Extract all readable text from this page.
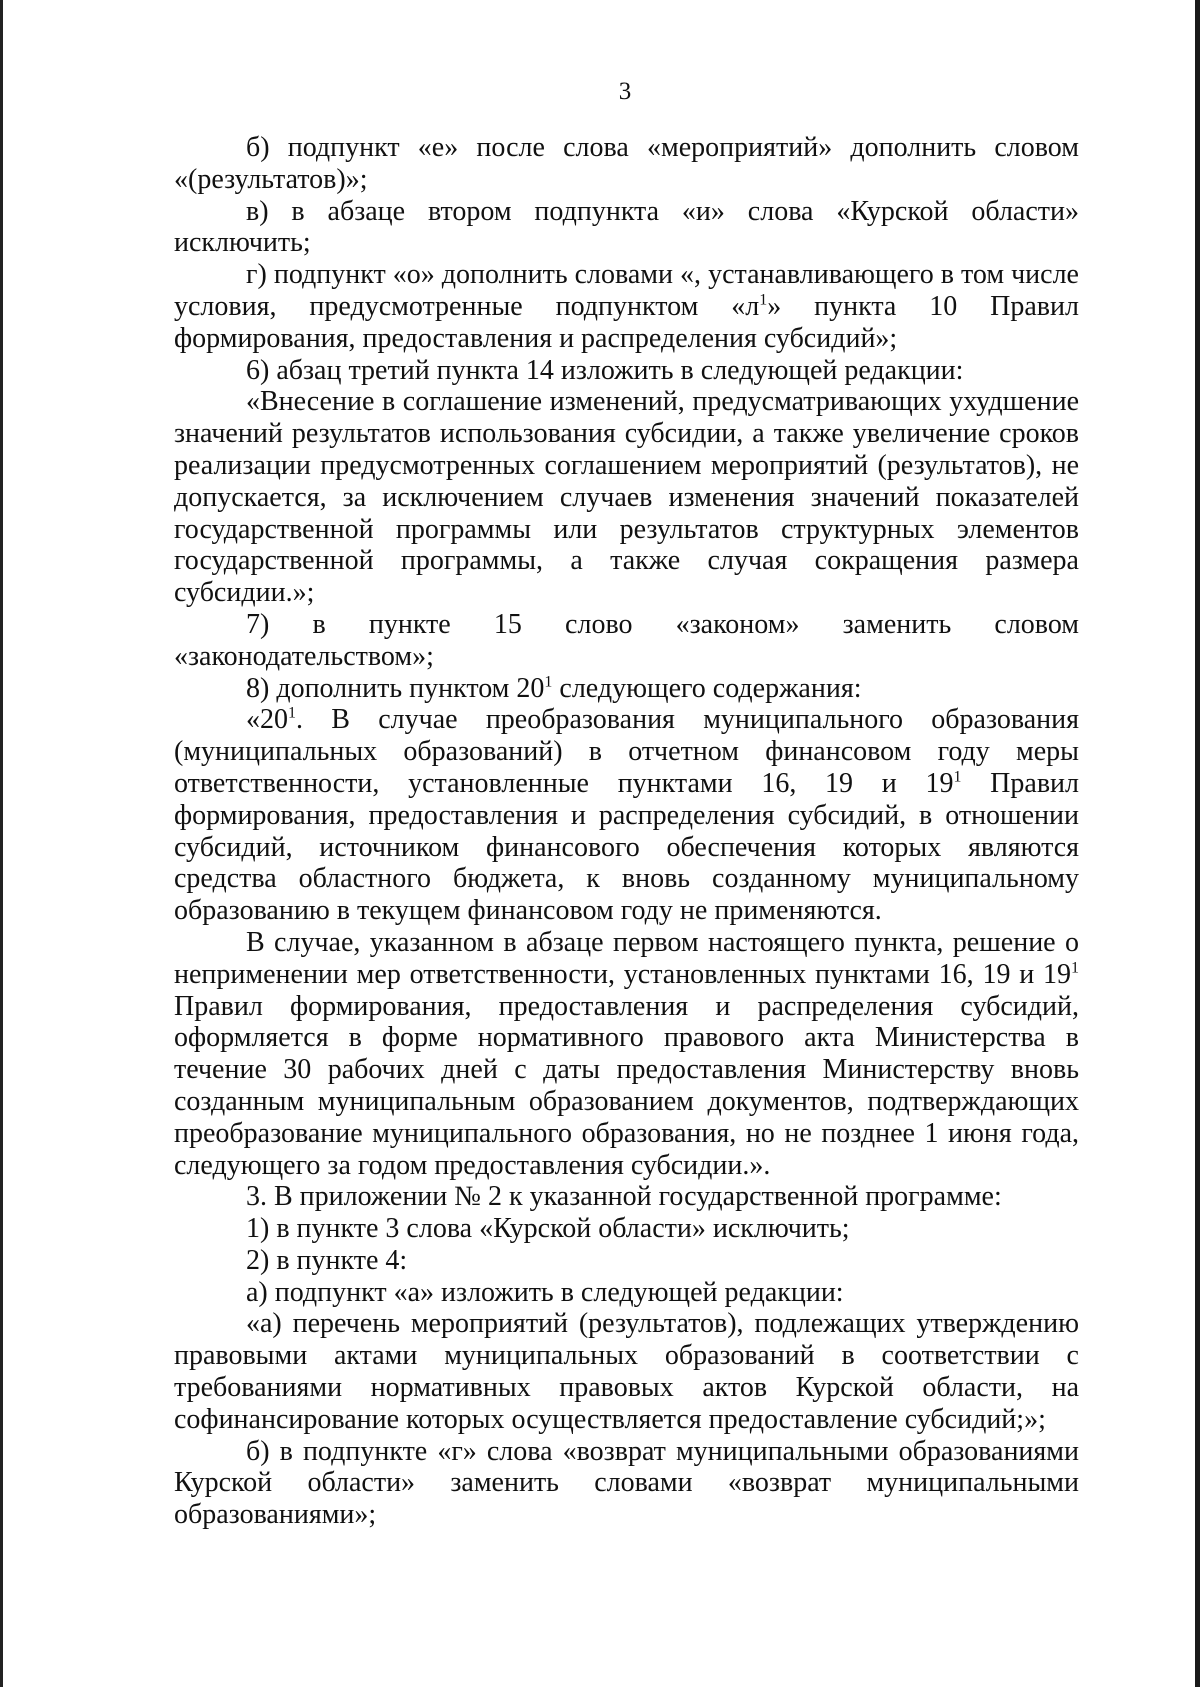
3

б) подпункт «е» после слова «мероприятий» дополнить словом «(результатов)»;

в) в абзаце втором подпункта «и» слова «Курской области» исключить;

г) подпункт «о» дополнить словами «, устанавливающего в том числе условия, предусмотренные подпунктом «$л^1$» пункта 10 Правил формирования, предоставления и распределения субсидий»;

6) абзац третий пункта 14 изложить в следующей редакции:

«Внесение в соглашение изменений, предусматривающих ухудшение значений результатов использования субсидии, а также увеличение сроков реализации предусмотренных соглашением мероприятий (результатов), не допускается, за исключением случаев изменения значений показателей государственной программы или результатов структурных элементов государственной программы, а также случая сокращения размера субсидии.»;

7) в пункте 15 слово «законом» заменить словом «законодательством»;

8) дополнить пунктом $20^1$ следующего содержания:

«$20^1$. В случае преобразования муниципального образования (муниципальных образований) в отчетном финансовом году меры ответственности, установленные пунктами 16, 19 и $19^1$ Правил формирования, предоставления и распределения субсидий, в отношении субсидий, источником финансового обеспечения которых являются средства областного бюджета, к вновь созданному муниципальному образованию в текущем финансовом году не применяются.

В случае, указанном в абзаце первом настоящего пункта, решение о неприменении мер ответственности, установленных пунктами 16, 19 и $19^1$ Правил формирования, предоставления и распределения субсидий, оформляется в форме нормативного правового акта Министерства в течение 30 рабочих дней с даты предоставления Министерству вновь созданным муниципальным образованием документов, подтверждающих преобразование муниципального образования, но не позднее 1 июня года, следующего за годом предоставления субсидии.».

3. В приложении № 2 к указанной государственной программе:

1) в пункте 3 слова «Курской области» исключить;

2) в пункте 4:

а) подпункт «а» изложить в следующей редакции:

«а) перечень мероприятий (результатов), подлежащих утверждению правовыми актами муниципальных образований в соответствии с требованиями нормативных правовых актов Курской области, на софинансирование которых осуществляется предоставление субсидий;»;

б) в подпункте «г» слова «возврат муниципальными образованиями Курской области» заменить словами «возврат муниципальными образованиями»;
